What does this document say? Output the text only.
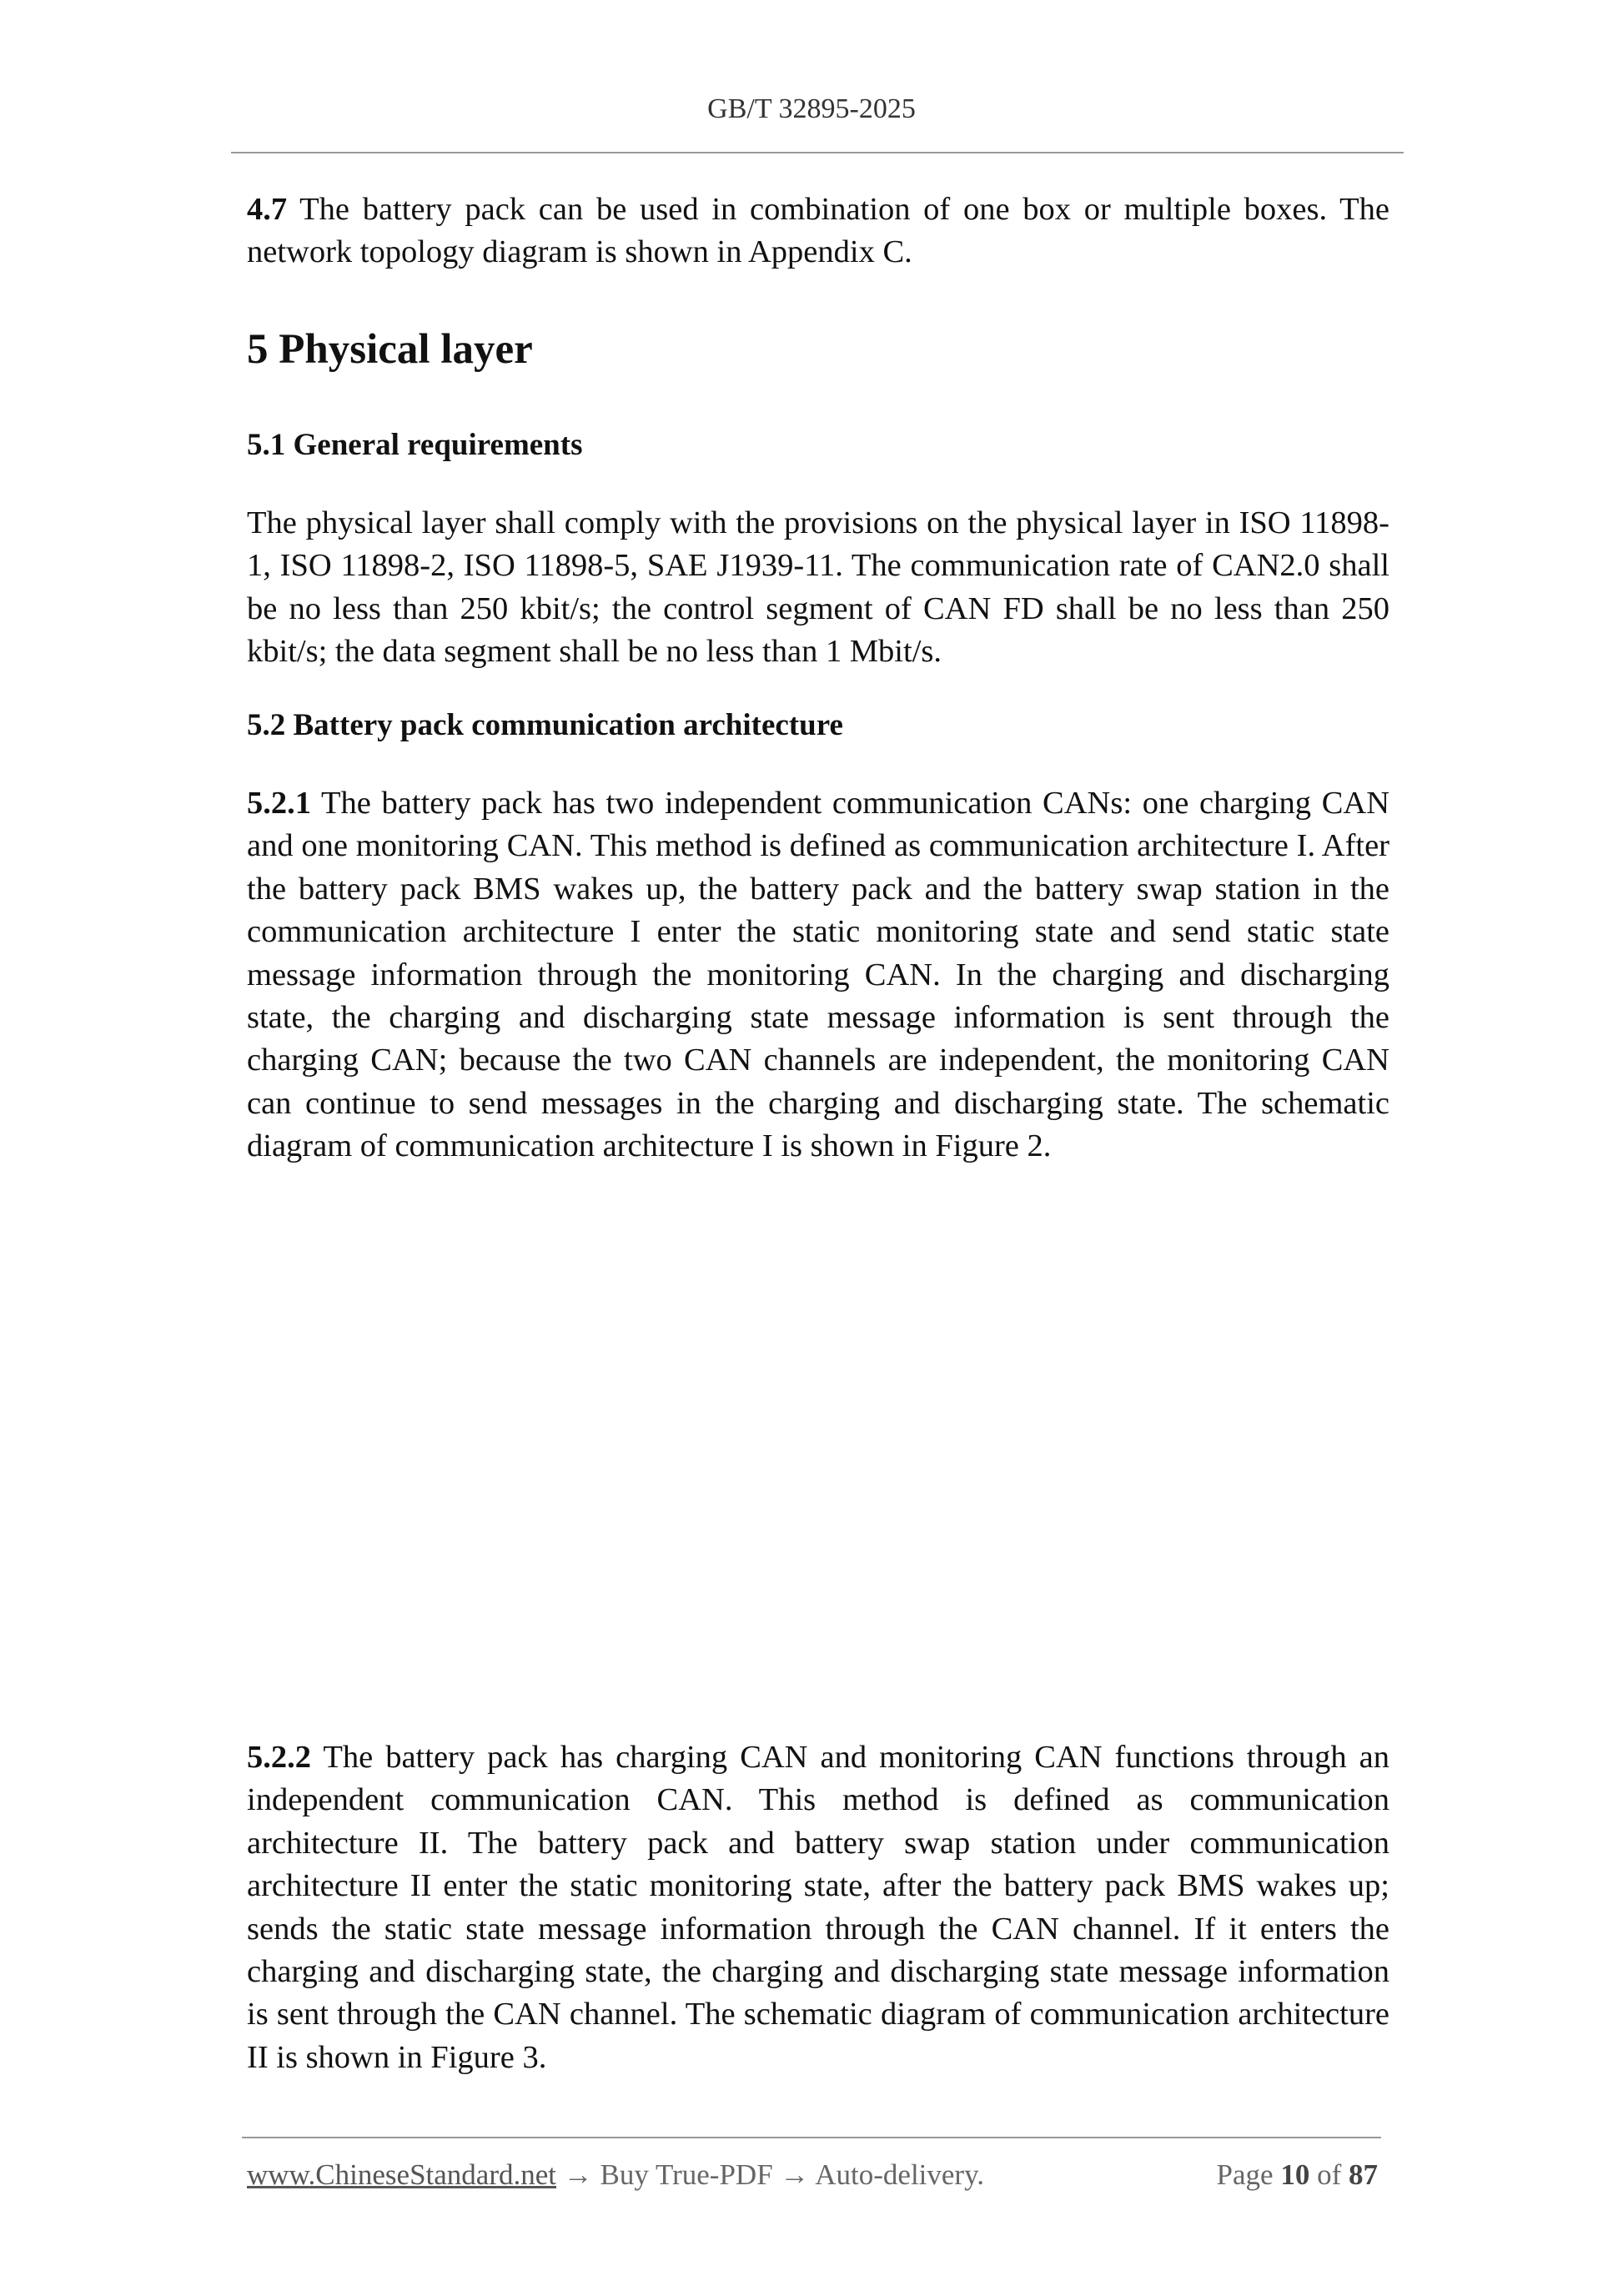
GB/T 32895-2025

4.7 The battery pack can be used in combination of one box or multiple boxes. The network topology diagram is shown in Appendix C.

5 Physical layer
5.1 General requirements

The physical layer shall comply with the provisions on the physical layer in ISO 11898-1, ISO 11898-2, ISO 11898-5, SAE J1939-11. The communication rate of CAN2.0 shall be no less than 250 kbit/s; the control segment of CAN FD shall be no less than 250 kbit/s; the data segment shall be no less than 1 Mbit/s.

5.2 Battery pack communication architecture

5.2.1 The battery pack has two independent communication CANs: one charging CAN and one monitoring CAN. This method is defined as communication architecture I. After the battery pack BMS wakes up, the battery pack and the battery swap station in the communication architecture I enter the static monitoring state and send static state message information through the monitoring CAN. In the charging and discharging state, the charging and discharging state message information is sent through the charging CAN; because the two CAN channels are independent, the monitoring CAN can continue to send messages in the charging and discharging state. The schematic diagram of communication architecture I is shown in Figure 2.

5.2.2 The battery pack has charging CAN and monitoring CAN functions through an independent communication CAN. This method is defined as communication architecture II. The battery pack and battery swap station under communication architecture II enter the static monitoring state, after the battery pack BMS wakes up; sends the static state message information through the CAN channel. If it enters the charging and discharging state, the charging and discharging state message information is sent through the CAN channel. The schematic diagram of communication architecture II is shown in Figure 3.

www.ChineseStandard.net → Buy True-PDF → Auto-delivery.	Page 10 of 87
